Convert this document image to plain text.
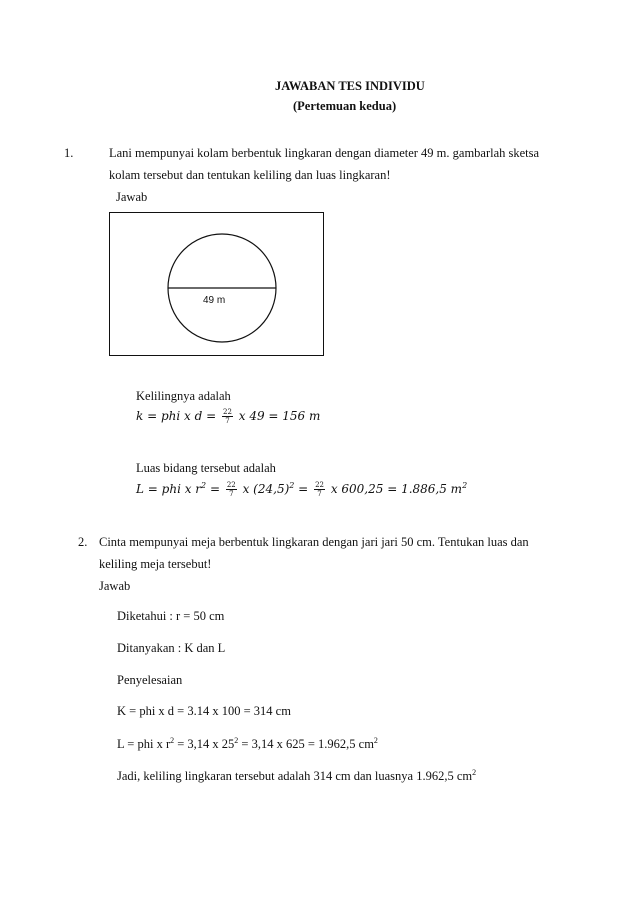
JAWABAN TES INDIVIDU
(Pertemuan kedua)
1.	Lani mempunyai kolam berbentuk lingkaran dengan diameter 49 m. gambarlah sketsa
kolam tersebut dan tentukan keliling dan luas lingkaran!
Jawab
49 m
Kelilingnya adalah
k = phi x $d = \frac{22}{7}$ x 49 = 156 m
Luas bidang tersebut adalah
L = phi x $r^2 = \frac{22}{7}$ x $(24,5)^2 = \frac{22}{7}$ x 600,25 = 1.886,5 $m^2$
2. Cinta mempunyai meja berbentuk lingkaran dengan jari jari 50 cm. Tentukan luas dan
keliling meja tersebut!
Jawab
Diketahui : r = 50 cm
Ditanyakan : K dan L
Penyelesaian
K = phi x d = 3.14 x 100 = 314 cm
L = phi x $r^2 = 3,14$ x $25^2 = 3,14$ x 625 = 1.962,5 $cm^2$
Jadi, keliling lingkaran tersebut adalah 314 cm dan luasnya 1.962,5 $cm^2$
